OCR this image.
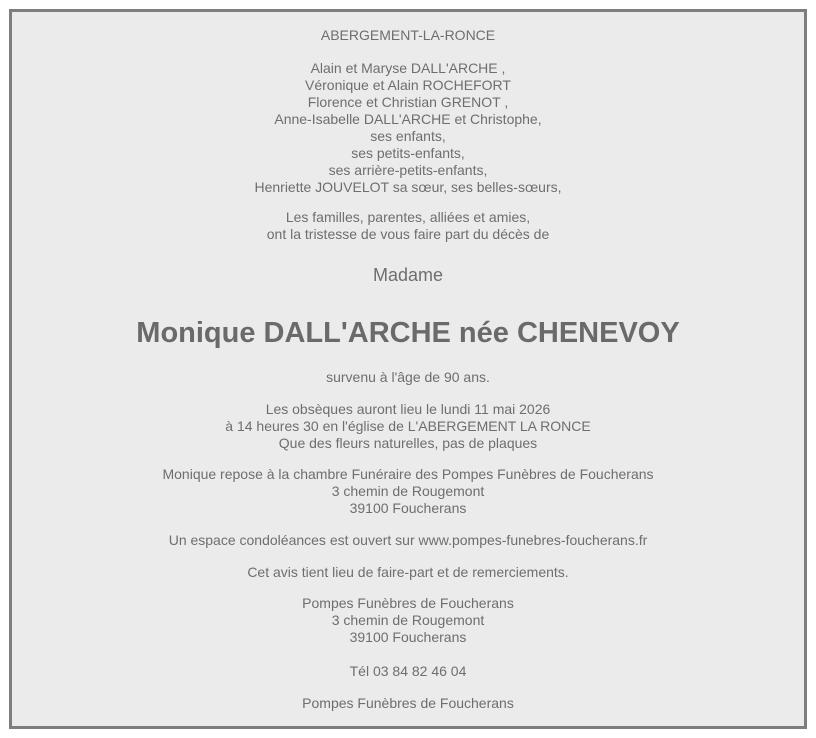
ABERGEMENT-LA-RONCE
Alain et Maryse DALL'ARCHE ,
Véronique et Alain ROCHEFORT
Florence et Christian GRENOT ,
Anne-Isabelle DALL'ARCHE et Christophe,
ses enfants,
ses petits-enfants,
ses arrière-petits-enfants,
Henriette JOUVELOT sa sœur, ses belles-sœurs,
Les familles, parentes, alliées et amies,
ont la tristesse de vous faire part du décès de
Madame
Monique DALL'ARCHE née CHENEVOY
survenu à l'âge de 90 ans.
Les obsèques auront lieu le lundi 11 mai 2026
à 14 heures 30 en l'église de L'ABERGEMENT LA RONCE
Que des fleurs naturelles, pas de plaques
Monique repose à la chambre Funéraire des Pompes Funèbres de Foucherans
3 chemin de Rougemont
39100 Foucherans
Un espace condoléances est ouvert sur www.pompes-funebres-foucherans.fr
Cet avis tient lieu de faire-part et de remerciements.
Pompes Funèbres de Foucherans
3 chemin de Rougemont
39100 Foucherans
Tél 03 84 82 46 04
Pompes Funèbres de Foucherans
